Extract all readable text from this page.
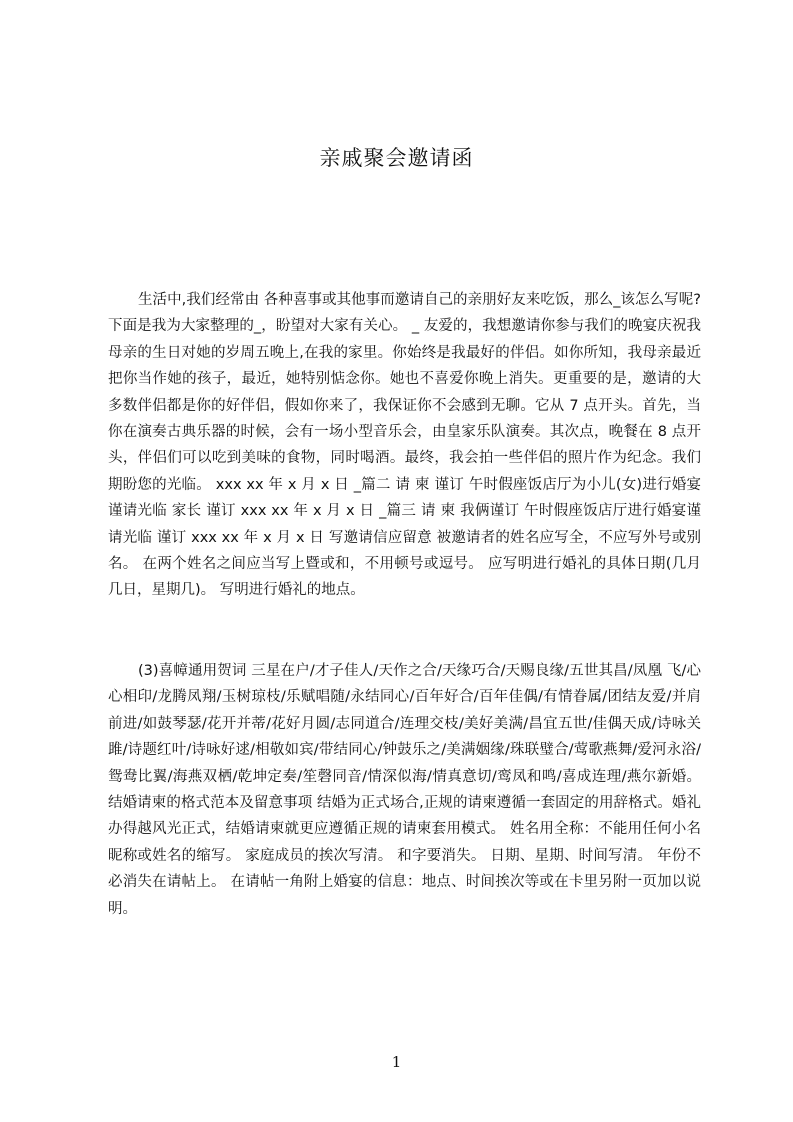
亲戚聚会邀请函

生活中,我们经常由 各种喜事或其他事而邀请自己的亲朋好友来吃饭，那么_该怎么写呢?下面是我为大家整理的_，盼望对大家有关心。 _ 友爱的，我想邀请你参与我们的晚宴庆祝我母亲的生日对她的岁周五晚上,在我的家里。你始终是我最好的伴侣。如你所知，我母亲最近把你当作她的孩子，最近，她特别惦念你。她也不喜爱你晚上消失。更重要的是，邀请的大多数伴侣都是你的好伴侣，假如你来了，我保证你不会感到无聊。它从 7 点开头。首先，当你在演奏古典乐器的时候，会有一场小型音乐会，由皇家乐队演奏。其次点，晚餐在 8 点开头，伴侣们可以吃到美味的食物，同时喝酒。最终，我会拍一些伴侣的照片作为纪念。我们期盼您的光临。 xxx xx 年 x 月 x 日 _篇二 请 柬 谨订 午时假座饭店厅为小儿(女)进行婚宴谨请光临 家长 谨订 xxx xx 年 x 月 x 日 _篇三 请 柬 我俩谨订 午时假座饭店厅进行婚宴谨请光临 谨订 xxx xx 年 x 月 x 日 写邀请信应留意 被邀请者的姓名应写全，不应写外号或别名。 在两个姓名之间应当写上暨或和，不用顿号或逗号。 应写明进行婚礼的具体日期(几月几日，星期几)。 写明进行婚礼的地点。

(3)喜幛通用贺词 三星在户/才子佳人/天作之合/天缘巧合/天赐良缘/五世其昌/凤凰 飞/心心相印/龙腾凤翔/玉树琼枝/乐赋唱随/永结同心/百年好合/百年佳偶/有情眷属/团结友爱/并肩前进/如鼓琴瑟/花开并蒂/花好月圆/志同道合/连理交枝/美好美满/昌宜五世/佳偶天成/诗咏关雎/诗题红叶/诗咏好逑/相敬如宾/带结同心/钟鼓乐之/美满姻缘/珠联璧合/莺歌燕舞/爱河永浴/鸳鸯比翼/海燕双栖/乾坤定奏/笙磬同音/情深似海/情真意切/鸾凤和鸣/喜成连理/燕尔新婚。 结婚请柬的格式范本及留意事项 结婚为正式场合,正规的请柬遵循一套固定的用辞格式。婚礼办得越风光正式，结婚请柬就更应遵循正规的请柬套用模式。 姓名用全称：不能用任何小名昵称或姓名的缩写。 家庭成员的挨次写清。 和字要消失。 日期、星期、时间写清。 年份不必消失在请帖上。 在请帖一角附上婚宴的信息：地点、时间挨次等或在卡里另附一页加以说明。

1
